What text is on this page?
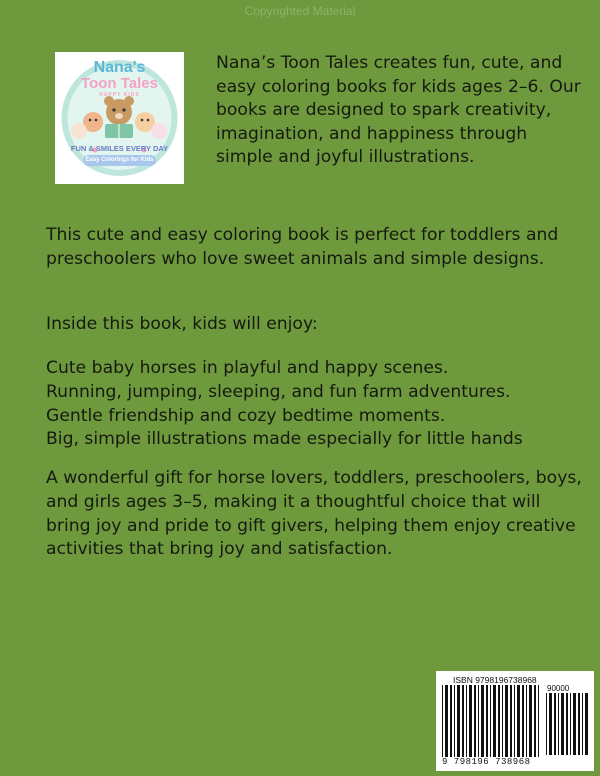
Copyrighted Material
Nana's
Toon Tales
HAPPY KIDS
FUN & SMILES EVERY DAY
Easy Colorings for Kids

Nana’s Toon Tales creates fun, cute, and easy coloring books for kids ages 2–6. Our books are designed to spark creativity, imagination, and happiness through simple and joyful illustrations.

This cute and easy coloring book is perfect for toddlers and preschoolers who love sweet animals and simple designs.

Inside this book, kids will enjoy:

Cute baby horses in playful and happy scenes.
Running, jumping, sleeping, and fun farm adventures.
Gentle friendship and cozy bedtime moments.
Big, simple illustrations made especially for little hands

A wonderful gift for horse lovers, toddlers, preschoolers, boys, and girls ages 3–5, making it a thoughtful choice that will bring joy and pride to gift givers, helping them enjoy creative activities that bring joy and satisfaction.

ISBN 9798196738968
90000
9 798196 738968
